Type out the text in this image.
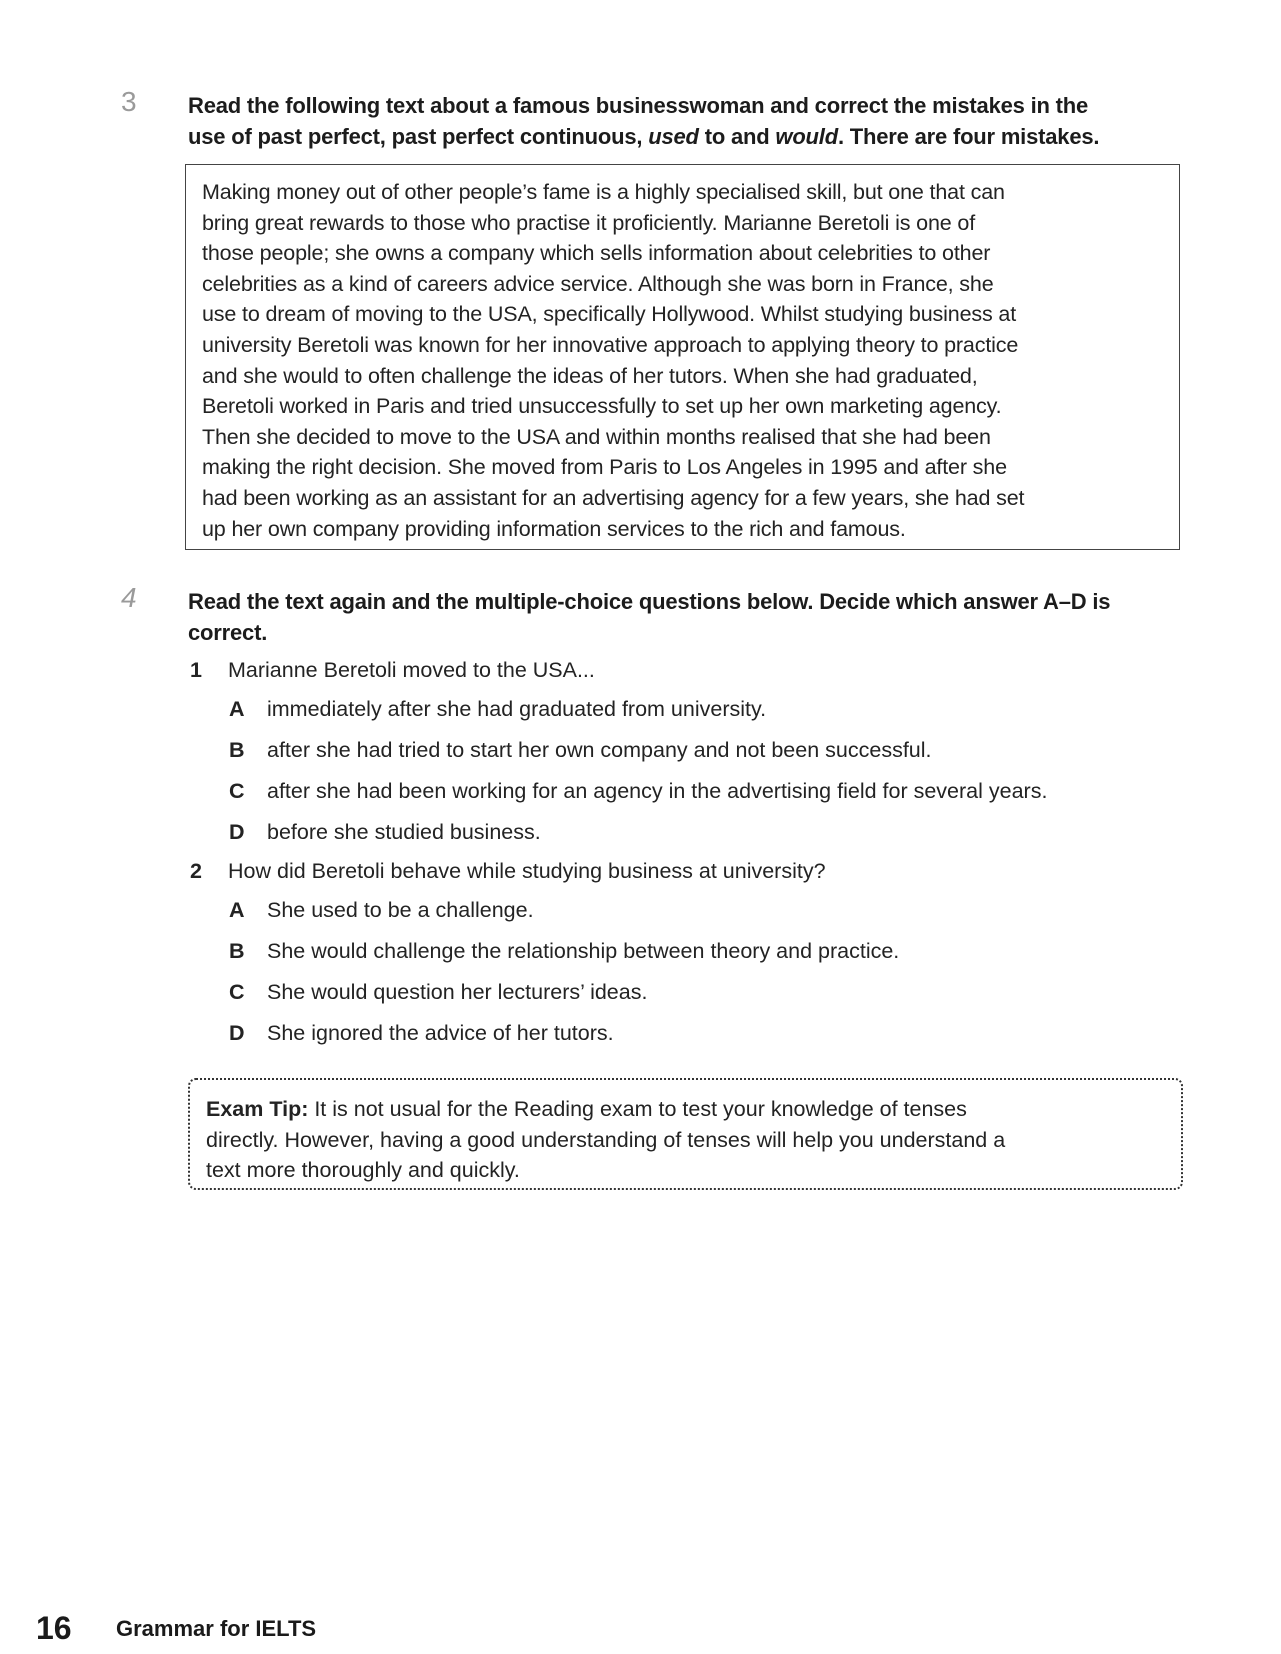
3 Read the following text about a famous businesswoman and correct the mistakes in the
use of past perfect, past perfect continuous, used to and would. There are four mistakes.
Making money out of other people’s fame is a highly specialised skill, but one that can
bring great rewards to those who practise it proficiently. Marianne Beretoli is one of
those people; she owns a company which sells information about celebrities to other
celebrities as a kind of careers advice service. Although she was born in France, she
use to dream of moving to the USA, specifically Hollywood. Whilst studying business at
university Beretoli was known for her innovative approach to applying theory to practice
and she would to often challenge the ideas of her tutors. When she had graduated,
Beretoli worked in Paris and tried unsuccessfully to set up her own marketing agency.
Then she decided to move to the USA and within months realised that she had been
making the right decision. She moved from Paris to Los Angeles in 1995 and after she
had been working as an assistant for an advertising agency for a few years, she had set
up her own company providing information services to the rich and famous.
4 Read the text again and the multiple-choice questions below. Decide which answer A–D is
correct.
1 Marianne Beretoli moved to the USA...
A immediately after she had graduated from university.
B after she had tried to start her own company and not been successful.
C after she had been working for an agency in the advertising field for several years.
D before she studied business.
2 How did Beretoli behave while studying business at university?
A She used to be a challenge.
B She would challenge the relationship between theory and practice.
C She would question her lecturers’ ideas.
D She ignored the advice of her tutors.
Exam Tip: It is not usual for the Reading exam to test your knowledge of tenses
directly. However, having a good understanding of tenses will help you understand a
text more thoroughly and quickly.
16 Grammar for IELTS
